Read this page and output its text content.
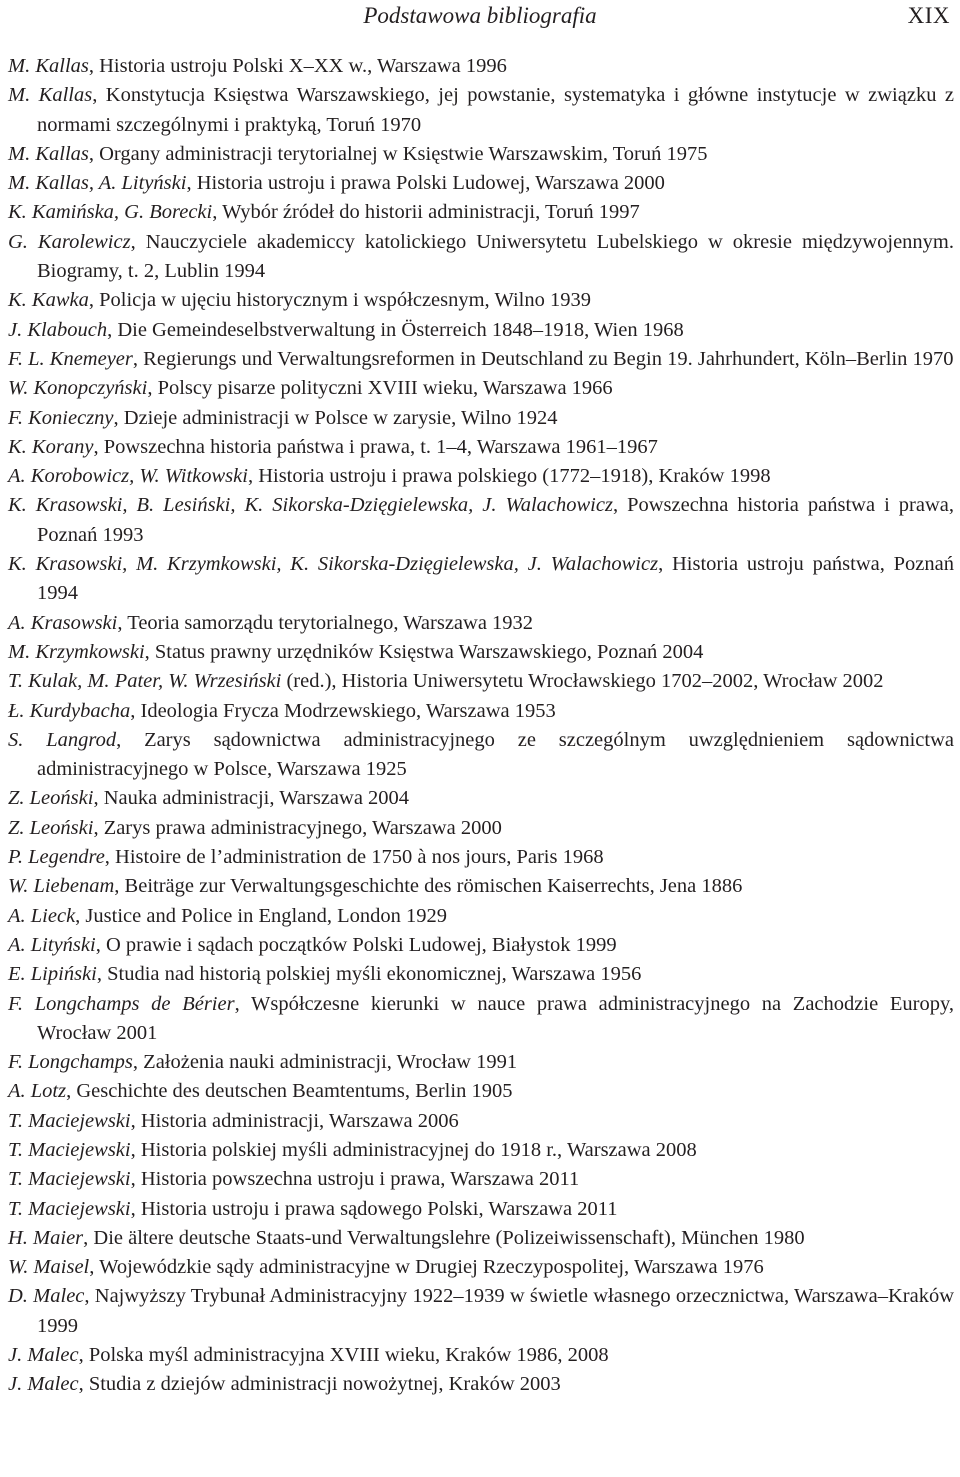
Podstawowa bibliografia	XIX

M. Kallas, Historia ustroju Polski X–XX w., Warszawa 1996

M. Kallas, Konstytucja Księstwa Warszawskiego, jej powstanie, systematyka i główne instytucje w związku z normami szczególnymi i praktyką, Toruń 1970

M. Kallas, Organy administracji terytorialnej w Księstwie Warszawskim, Toruń 1975

M. Kallas, A. Lityński, Historia ustroju i prawa Polski Ludowej, Warszawa 2000

K. Kamińska, G. Borecki, Wybór źródeł do historii administracji, Toruń 1997

G. Karolewicz, Nauczyciele akademiccy katolickiego Uniwersytetu Lubelskiego w okresie międzywojennym. Biogramy, t. 2, Lublin 1994

K. Kawka, Policja w ujęciu historycznym i współczesnym, Wilno 1939

J. Klabouch, Die Gemeindeselbstverwaltung in Österreich 1848–1918, Wien 1968

F. L. Knemeyer, Regierungs und Verwaltungsreformen in Deutschland zu Begin 19. Jahrhundert, Köln–Berlin 1970

W. Konopczyński, Polscy pisarze polityczni XVIII wieku, Warszawa 1966

F. Konieczny, Dzieje administracji w Polsce w zarysie, Wilno 1924

K. Korany, Powszechna historia państwa i prawa, t. 1–4, Warszawa 1961–1967

A. Korobowicz, W. Witkowski, Historia ustroju i prawa polskiego (1772–1918), Kraków 1998

K. Krasowski, B. Lesiński, K. Sikorska-Dzięgielewska, J. Walachowicz, Powszechna historia państwa i prawa, Poznań 1993

K. Krasowski, M. Krzymkowski, K. Sikorska-Dzięgielewska, J. Walachowicz, Historia ustroju państwa, Poznań 1994

A. Krasowski, Teoria samorządu terytorialnego, Warszawa 1932

M. Krzymkowski, Status prawny urzędników Księstwa Warszawskiego, Poznań 2004

T. Kulak, M. Pater, W. Wrzesiński (red.), Historia Uniwersytetu Wrocławskiego 1702–2002, Wrocław 2002

Ł. Kurdybacha, Ideologia Frycza Modrzewskiego, Warszawa 1953

S. Langrod, Zarys sądownictwa administracyjnego ze szczególnym uwzględnieniem sądownictwa administracyjnego w Polsce, Warszawa 1925

Z. Leoński, Nauka administracji, Warszawa 2004

Z. Leoński, Zarys prawa administracyjnego, Warszawa 2000

P. Legendre, Histoire de l’administration de 1750 à nos jours, Paris 1968

W. Liebenam, Beiträge zur Verwaltungsgeschichte des römischen Kaiserrechts, Jena 1886

A. Lieck, Justice and Police in England, London 1929

A. Lityński, O prawie i sądach początków Polski Ludowej, Białystok 1999

E. Lipiński, Studia nad historią polskiej myśli ekonomicznej, Warszawa 1956

F. Longchamps de Bérier, Współczesne kierunki w nauce prawa administracyjnego na Zachodzie Europy, Wrocław 2001

F. Longchamps, Założenia nauki administracji, Wrocław 1991

A. Lotz, Geschichte des deutschen Beamtentums, Berlin 1905

T. Maciejewski, Historia administracji, Warszawa 2006

T. Maciejewski, Historia polskiej myśli administracyjnej do 1918 r., Warszawa 2008

T. Maciejewski, Historia powszechna ustroju i prawa, Warszawa 2011

T. Maciejewski, Historia ustroju i prawa sądowego Polski, Warszawa 2011

H. Maier, Die ältere deutsche Staats-und Verwaltungslehre (Polizeiwissenschaft), München 1980

W. Maisel, Wojewódzkie sądy administracyjne w Drugiej Rzeczypospolitej, Warszawa 1976

D. Malec, Najwyższy Trybunał Administracyjny 1922–1939 w świetle własnego orzecznictwa, Warszawa–Kraków 1999

J. Malec, Polska myśl administracyjna XVIII wieku, Kraków 1986, 2008

J. Malec, Studia z dziejów administracji nowożytnej, Kraków 2003
